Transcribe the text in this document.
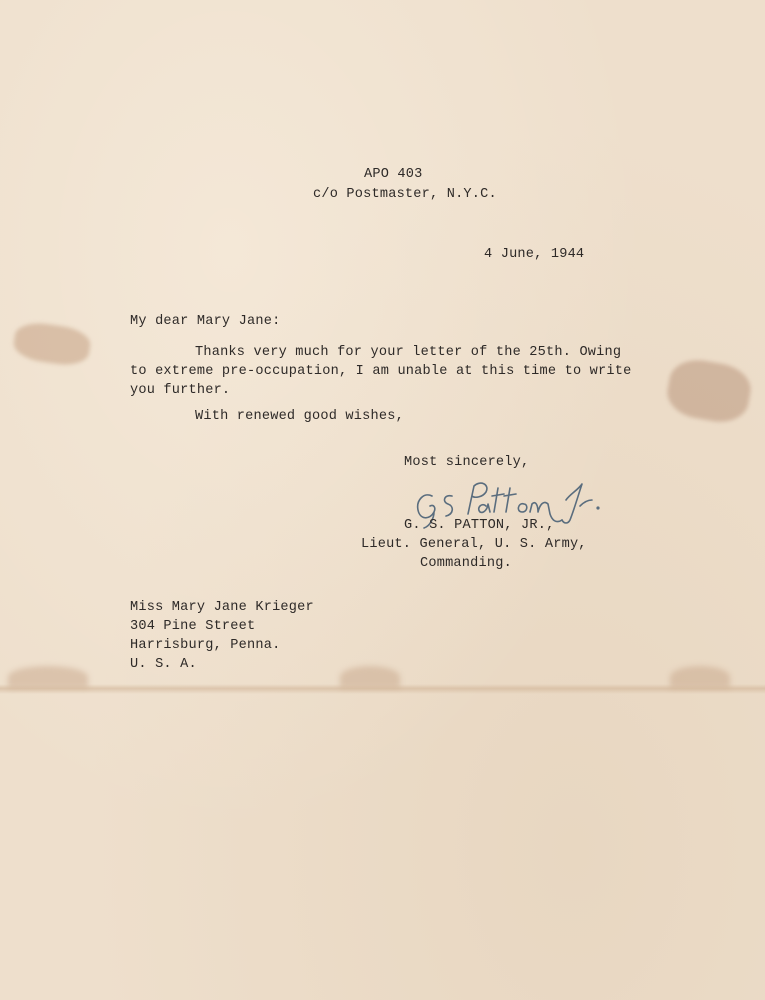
APO 403

c/o Postmaster, N.Y.C.

4 June, 1944

My dear Mary Jane:

Thanks very much for your letter of the 25th. Owing

to extreme pre-occupation, I am unable at this time to write

you further.

With renewed good wishes,

Most sincerely,

G. S. PATTON, JR.,

Lieut. General, U. S. Army,

Commanding.

Miss Mary Jane Krieger

304 Pine Street

Harrisburg, Penna.

U. S. A.
